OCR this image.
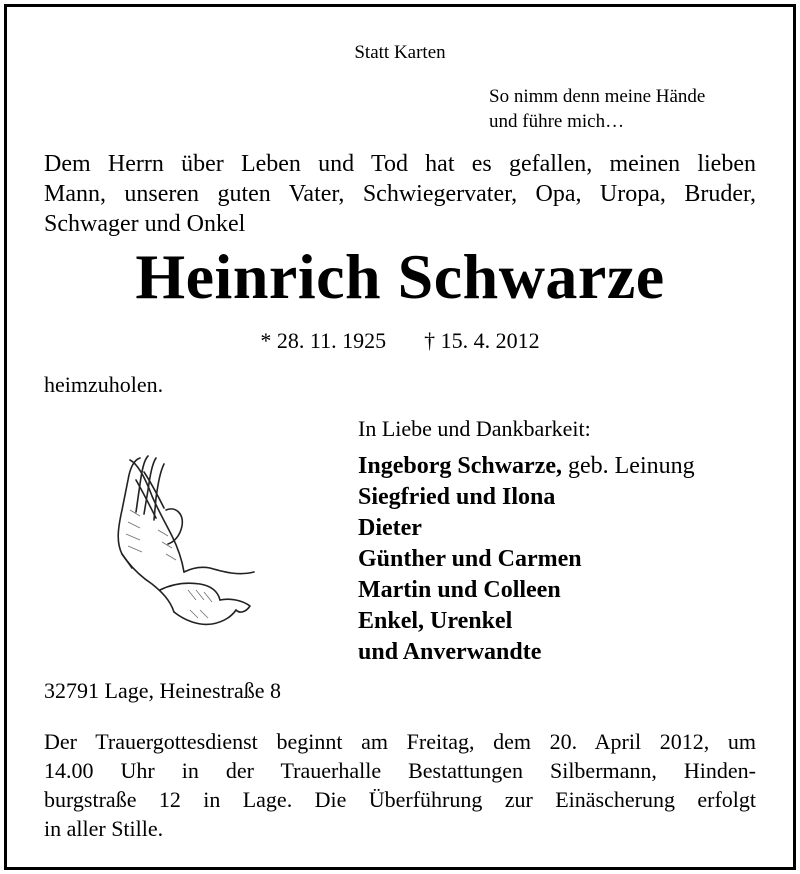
Statt Karten
So nimm denn meine Hände
und führe mich…
Dem Herrn über Leben und Tod hat es gefallen, meinen lieben
Mann, unseren guten Vater, Schwiegervater, Opa, Uropa, Bruder,
Schwager und Onkel
Heinrich Schwarze
* 28. 11. 1925 † 15. 4. 2012
heimzuholen.
In Liebe und Dankbarkeit:
Ingeborg Schwarze, geb. Leinung
Siegfried und Ilona
Dieter
Günther und Carmen
Martin und Colleen
Enkel, Urenkel
und Anverwandte
32791 Lage, Heinestraße 8
Der Trauergottesdienst beginnt am Freitag, dem 20. April 2012, um
14.00 Uhr in der Trauerhalle Bestattungen Silbermann, Hinden-
burgstraße 12 in Lage. Die Überführung zur Einäscherung erfolgt
in aller Stille.
